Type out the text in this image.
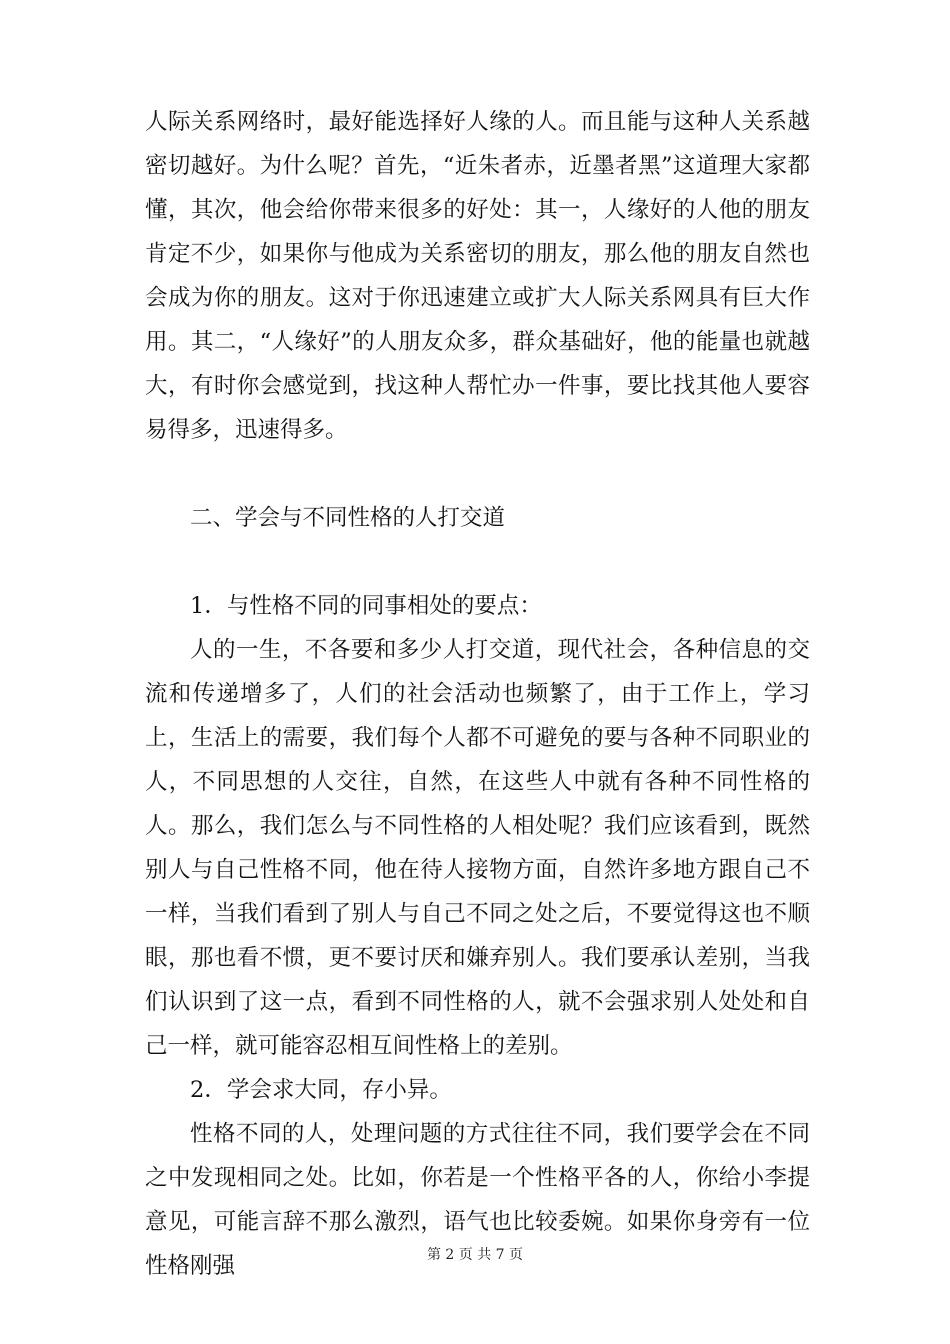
人际关系网络时，最好能选择好人缘的人。而且能与这种人关系越密切越好。为什么呢？首先，“近朱者赤，近墨者黑”这道理大家都懂，其次，他会给你带来很多的好处：其一，人缘好的人他的朋友肯定不少，如果你与他成为关系密切的朋友，那么他的朋友自然也会成为你的朋友。这对于你迅速建立或扩大人际关系网具有巨大作用。其二，“人缘好”的人朋友众多，群众基础好，他的能量也就越大，有时你会感觉到，找这种人帮忙办一件事，要比找其他人要容易得多，迅速得多。

二、学会与不同性格的人打交道

1．与性格不同的同事相处的要点：

人的一生，不各要和多少人打交道，现代社会，各种信息的交流和传递增多了，人们的社会活动也频繁了，由于工作上，学习上，生活上的需要，我们每个人都不可避免的要与各种不同职业的人，不同思想的人交往，自然，在这些人中就有各种不同性格的人。那么，我们怎么与不同性格的人相处呢？我们应该看到，既然别人与自己性格不同，他在待人接物方面，自然许多地方跟自己不一样，当我们看到了别人与自己不同之处之后，不要觉得这也不顺眼，那也看不惯，更不要讨厌和嫌弃别人。我们要承认差别，当我们认识到了这一点，看到不同性格的人，就不会强求别人处处和自己一样，就可能容忍相互间性格上的差别。

2．学会求大同，存小异。

性格不同的人，处理问题的方式往往不同，我们要学会在不同之中发现相同之处。比如，你若是一个性格平各的人，你给小李提意见，可能言辞不那么激烈，语气也比较委婉。如果你身旁有一位性格刚强	第 2 页 共 7 页
